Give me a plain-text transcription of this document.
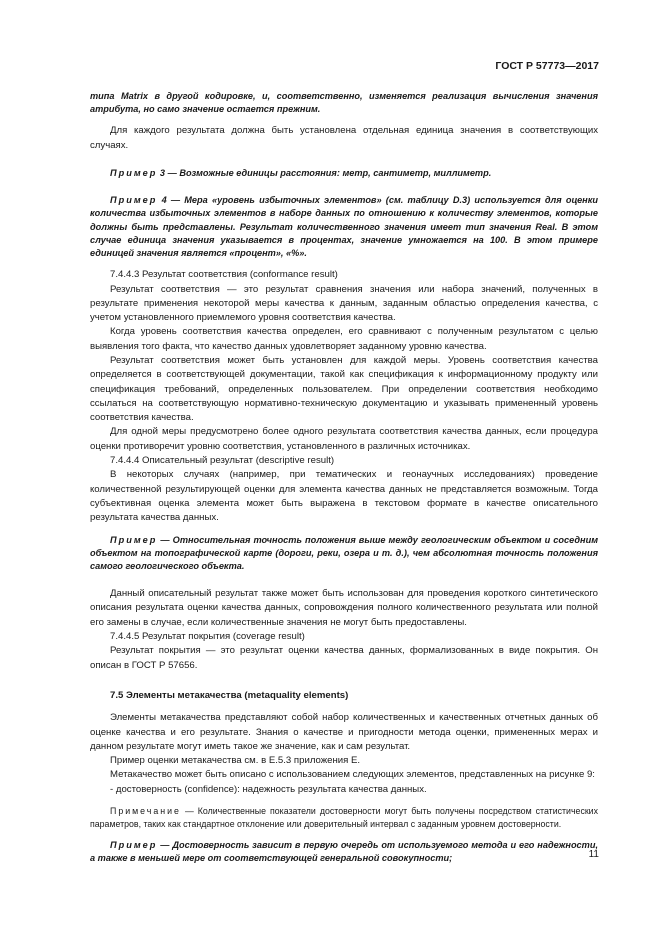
ГОСТ Р 57773—2017

типа Matrix в другой кодировке, и, соответственно, изменяется реализация вычисления значения атрибута, но само значение остается прежним.

Для каждого результата должна быть установлена отдельная единица значения в соответствующих случаях.

Пример 3 — Возможные единицы расстояния: метр, сантиметр, миллиметр.

Пример 4 — Мера «уровень избыточных элементов» (см. таблицу D.3) используется для оценки количества избыточных элементов в наборе данных по отношению к количеству элементов, которые должны быть представлены. Результат количественного значения имеет тип значения Real. В этом случае единица значения указывается в процентах, значение умножается на 100. В этом примере единицей значения является «процент», «%».

7.4.4.3 Результат соответствия (conformance result)

Результат соответствия — это результат сравнения значения или набора значений, полученных в результате применения некоторой меры качества к данным, заданным областью определения качества, с учетом установленного приемлемого уровня соответствия качества.

Когда уровень соответствия качества определен, его сравнивают с полученным результатом с целью выявления того факта, что качество данных удовлетворяет заданному уровню качества.

Результат соответствия может быть установлен для каждой меры. Уровень соответствия качества определяется в соответствующей документации, такой как спецификация к информационному продукту или спецификация требований, определенных пользователем. При определении соответствия необходимо ссылаться на соответствующую нормативно-техническую документацию и указывать примененный уровень соответствия качества.

Для одной меры предусмотрено более одного результата соответствия качества данных, если процедура оценки противоречит уровню соответствия, установленного в различных источниках.

7.4.4.4 Описательный результат (descriptive result)

В некоторых случаях (например, при тематических и геонаучных исследованиях) проведение количественной результирующей оценки для элемента качества данных не представляется возможным. Тогда субъективная оценка элемента может быть выражена в текстовом формате в качестве описательного результата качества данных.

Пример — Относительная точность положения выше между геологическим объектом и соседним объектом на топографической карте (дороги, реки, озера и т. д.), чем абсолютная точность положения самого геологического объекта.

Данный описательный результат также может быть использован для проведения короткого синтетического описания результата оценки качества данных, сопровождения полного количественного результата или полной его замены в случае, если количественные значения не могут быть предоставлены.

7.4.4.5 Результат покрытия (coverage result)

Результат покрытия — это результат оценки качества данных, формализованных в виде покрытия. Он описан в ГОСТ Р 57656.

7.5 Элементы метакачества (metaquality elements)

Элементы метакачества представляют собой набор количественных и качественных отчетных данных об оценке качества и его результате. Знания о качестве и пригодности метода оценки, примененных мерах и данном результате могут иметь такое же значение, как и сам результат.

Пример оценки метакачества см. в Е.5.3 приложения Е.

Метакачество может быть описано с использованием следующих элементов, представленных на рисунке 9:

- достоверность (confidence): надежность результата качества данных.

Примечание — Количественные показатели достоверности могут быть получены посредством статистических параметров, таких как стандартное отклонение или доверительный интервал с заданным уровнем достоверности.

Пример — Достоверность зависит в первую очередь от используемого метода и его надежности, а также в меньшей мере от соответствующей генеральной совокупности;	11
